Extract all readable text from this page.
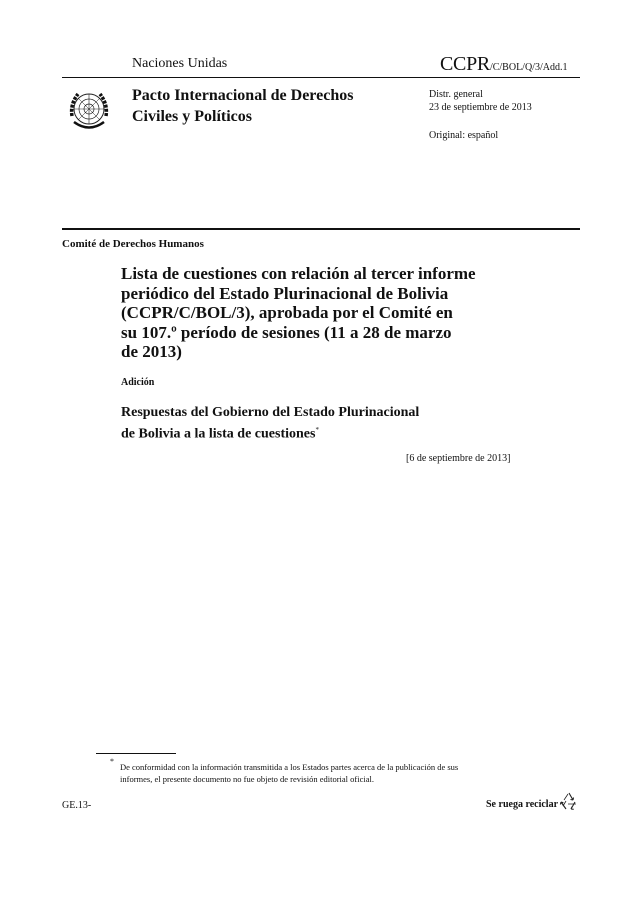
Naciones Unidas	CCPR/C/BOL/Q/3/Add.1
Pacto Internacional de Derechos
Civiles y Políticos
Distr. general
23 de septiembre de 2013
Original: español
Comité de Derechos Humanos
Lista de cuestiones con relación al tercer informe
periódico del Estado Plurinacional de Bolivia
(CCPR/C/BOL/3), aprobada por el Comité en
su 107.º período de sesiones (11 a 28 de marzo
de 2013)
Adición
Respuestas del Gobierno del Estado Plurinacional
de Bolivia a la lista de cuestiones*
[6 de septiembre de 2013]
*
De conformidad con la información transmitida a los Estados partes acerca de la publicación de sus
informes, el presente documento no fue objeto de revisión editorial oficial.
GE.13-	Se ruega reciclar
